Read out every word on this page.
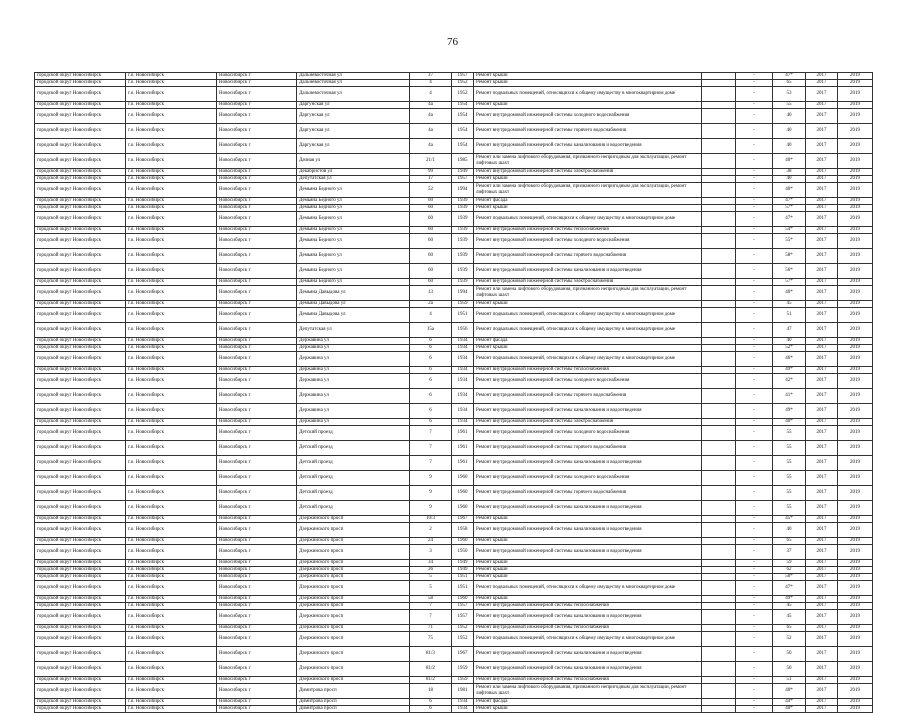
76
городской округ Новосибирск	г.о. Новосибирск	Новосибирск г	Дальневосточная ул	37	1957	Ремонт крыши		-	47*	2017	2019
городской округ Новосибирск	г.о. Новосибирск	Новосибирск г	Дальневосточная ул	4	1952	Ремонт крыши		-	65	2017	2019
городской округ Новосибирск	г.о. Новосибирск	Новосибирск г	Дальневосточная ул	4	1952	Ремонт подвальных помещений, относящихся к общему имуществу в многоквартирном доме		-	53	2017	2019
городской округ Новосибирск	г.о. Новосибирск	Новосибирск г	Даргунская ул	4а	1954	Ремонт крыши		-	55	2017	2019
городской округ Новосибирск	г.о. Новосибирск	Новосибирск г	Даргунская ул	4а	1954	Ремонт внутридомовой инженерной системы холодного водоснабжения		-	40	2017	2019
городской округ Новосибирск	г.о. Новосибирск	Новосибирск г	Даргунская ул	4а	1954	Ремонт внутридомовой инженерной системы горячего водоснабжения		-	40	2017	2019
городской округ Новосибирск	г.о. Новосибирск	Новосибирск г	Даргунская ул	4а	1954	Ремонт внутридомовой инженерной системы канализования и водоотведения		-	40	2017	2019
городской округ Новосибирск	г.о. Новосибирск	Новосибирск г	Дачная ул	21/1	1985	Ремонт или замена лифтового оборудования, признанного непригодным для эксплуатации, ремонт лифтовых шахт		-	40*	2017	2019
городской округ Новосибирск	г.о. Новосибирск	Новосибирск г	Декабристов ул	99	1949	Ремонт внутридомовой инженерной системы электроснабжения		-	38	2017	2019
городской округ Новосибирск	г.о. Новосибирск	Новосибирск г	Депутатская ул	17	1957	Ремонт крыши		-	40	2017	2019
городской округ Новосибирск	г.о. Новосибирск	Новосибирск г	Демьяна Бедного ул	52	1994	Ремонт или замена лифтового оборудования, признанного непригодным для эксплуатации, ремонт лифтовых шахт		-	40*	2017	2019
городской округ Новосибирск	г.о. Новосибирск	Новосибирск г	Демьяна Бедного ул	60	1939	Ремонт фасада		-	47*	2017	2019
городской округ Новосибирск	г.о. Новосибирск	Новосибирск г	Демьяна Бедного ул	60	1939	Ремонт крыши		-	57*	2017	2019
городской округ Новосибирск	г.о. Новосибирск	Новосибирск г	Демьяна Бедного ул	60	1939	Ремонт подвальных помещений, относящихся к общему имуществу в многоквартирном доме		-	47*	2017	2019
городской округ Новосибирск	г.о. Новосибирск	Новосибирск г	Демьяна Бедного ул	60	1939	Ремонт внутридомовой инженерной системы теплоснабжения		-	54*	2017	2019
городской округ Новосибирск	г.о. Новосибирск	Новосибирск г	Демьяна Бедного ул	60	1939	Ремонт внутридомовой инженерной системы холодного водоснабжения		-	55*	2017	2019
городской округ Новосибирск	г.о. Новосибирск	Новосибирск г	Демьяна Бедного ул	60	1939	Ремонт внутридомовой инженерной системы горячего водоснабжения		-	58*	2017	2019
городской округ Новосибирск	г.о. Новосибирск	Новосибирск г	Демьяна Бедного ул	60	1939	Ремонт внутридомовой инженерной системы канализования и водоотведения		-	56*	2017	2019
городской округ Новосибирск	г.о. Новосибирск	Новосибирск г	Демьяна Бедного ул	60	1939	Ремонт внутридомовой инженерной системы электроснабжения		-	57*	2017	2019
городской округ Новосибирск	г.о. Новосибирск	Новосибирск г	Демьяна Давыдова ул	13	1994	Ремонт или замена лифтового оборудования, признанного непригодным для эксплуатации, ремонт лифтовых шахт		-	40*	2017	2019
городской округ Новосибирск	г.о. Новосибирск	Новосибирск г	Демьяна Давыдова ул	2а	1959	Ремонт крыши		-	45	2017	2019
городской округ Новосибирск	г.о. Новосибирск	Новосибирск г	Демьяна Давыдова ул	4	1951	Ремонт подвальных помещений, относящихся к общему имуществу в многоквартирном доме		-	51	2017	2019
городской округ Новосибирск	г.о. Новосибирск	Новосибирск г	Депутатская ул	15а	1956	Ремонт подвальных помещений, относящихся к общему имуществу в многоквартирном доме		-	47	2017	2019
городской округ Новосибирск	г.о. Новосибирск	Новосибирск г	Державина ул	6	1934	Ремонт фасада		-	40	2017	2019
городской округ Новосибирск	г.о. Новосибирск	Новосибирск г	Державина ул	6	1934	Ремонт крыши		-	52*	2017	2019
городской округ Новосибирск	г.о. Новосибирск	Новосибирск г	Державина ул	6	1934	Ремонт подвальных помещений, относящихся к общему имуществу в многоквартирном доме		-	46*	2017	2019
городской округ Новосибирск	г.о. Новосибирск	Новосибирск г	Державина ул	6	1934	Ремонт внутридомовой инженерной системы теплоснабжения		-	49*	2017	2019
городской округ Новосибирск	г.о. Новосибирск	Новосибирск г	Державина ул	6	1934	Ремонт внутридомовой инженерной системы холодного водоснабжения		-	42*	2017	2019
городской округ Новосибирск	г.о. Новосибирск	Новосибирск г	Державина ул	6	1934	Ремонт внутридомовой инженерной системы горячего водоснабжения		-	41*	2017	2019
городской округ Новосибирск	г.о. Новосибирск	Новосибирск г	Державина ул	6	1934	Ремонт внутридомовой инженерной системы канализования и водоотведения		-	49*	2017	2019
городской округ Новосибирск	г.о. Новосибирск	Новосибирск г	Державина ул	6	1934	Ремонт внутридомовой инженерной системы электроснабжения		-	40*	2017	2019
городской округ Новосибирск	г.о. Новосибирск	Новосибирск г	Детский проезд	7	1961	Ремонт внутридомовой инженерной системы холодного водоснабжения		-	55	2017	2019
городской округ Новосибирск	г.о. Новосибирск	Новосибирск г	Детский проезд	7	1961	Ремонт внутридомовой инженерной системы горячего водоснабжения		-	55	2017	2019
городской округ Новосибирск	г.о. Новосибирск	Новосибирск г	Детский проезд	7	1961	Ремонт внутридомовой инженерной системы канализования и водоотведения		-	55	2017	2019
городской округ Новосибирск	г.о. Новосибирск	Новосибирск г	Детский проезд	9	1960	Ремонт внутридомовой инженерной системы холодного водоснабжения		-	55	2017	2019
городской округ Новосибирск	г.о. Новосибирск	Новосибирск г	Детский проезд	9	1960	Ремонт внутридомовой инженерной системы горячего водоснабжения		-	55	2017	2019
городской округ Новосибирск	г.о. Новосибирск	Новосибирск г	Детский проезд	9	1960	Ремонт внутридомовой инженерной системы канализования и водоотведения		-	55	2017	2019
городской округ Новосибирск	г.о. Новосибирск	Новосибирск г	Дзержинского просп	10/3	1967	Ремонт крыши		-	45*	2017	2019
городской округ Новосибирск	г.о. Новосибирск	Новосибирск г	Дзержинского просп	2	1958	Ремонт внутридомовой инженерной системы канализования и водоотведения		-	40	2017	2019
городской округ Новосибирск	г.о. Новосибирск	Новосибирск г	Дзержинского просп	24	1960	Ремонт крыши		-	65	2017	2019
городской округ Новосибирск	г.о. Новосибирск	Новосибирск г	Дзержинского просп	3	1950	Ремонт внутридомовой инженерной системы канализования и водоотведения		-	37	2017	2019
городской округ Новосибирск	г.о. Новосибирск	Новосибирск г	Дзержинского просп	34	1949	Ремонт крыши		-	59	2017	2019
городской округ Новосибирск	г.о. Новосибирск	Новосибирск г	Дзержинского просп	36	1949	Ремонт крыши		-	62	2017	2019
городской округ Новосибирск	г.о. Новосибирск	Новосибирск г	Дзержинского просп	5	1951	Ремонт крыши		-	50*	2017	2019
городской округ Новосибирск	г.о. Новосибирск	Новосибирск г	Дзержинского просп	5	1951	Ремонт подвальных помещений, относящихся к общему имуществу в многоквартирном доме		-	47*	2017	2019
городской округ Новосибирск	г.о. Новосибирск	Новосибирск г	Дзержинского просп	58	1960	Ремонт крыши		-	49*	2017	2019
городской округ Новосибирск	г.о. Новосибирск	Новосибирск г	Дзержинского просп	7	1957	Ремонт внутридомовой инженерной системы теплоснабжения		-	45	2017	2019
городской округ Новосибирск	г.о. Новосибирск	Новосибирск г	Дзержинского просп	7	1957	Ремонт внутридомовой инженерной системы канализования и водоотведения		-	45	2017	2019
городской округ Новосибирск	г.о. Новосибирск	Новосибирск г	Дзержинского просп	71	1952	Ремонт внутридомовой инженерной системы теплоснабжения		-	65	2017	2019
городской округ Новосибирск	г.о. Новосибирск	Новосибирск г	Дзержинского просп	75	1952	Ремонт подвальных помещений, относящихся к общему имуществу в многоквартирном доме		-	52	2017	2019
городской округ Новосибирск	г.о. Новосибирск	Новосибирск г	Дзержинского просп	81/3	1967	Ремонт внутридомовой инженерной системы канализования и водоотведения		-	50	2017	2019
городской округ Новосибирск	г.о. Новосибирск	Новосибирск г	Дзержинского просп	81/2	1959	Ремонт внутридомовой инженерной системы канализования и водоотведения		-	50	2017	2019
городской округ Новосибирск	г.о. Новосибирск	Новосибирск г	Дзержинского просп	81/2	1959	Ремонт внутридомовой инженерной системы теплоснабжения		-	51	2017	2019
городской округ Новосибирск	г.о. Новосибирск	Новосибирск г	Димитрова просп	18	1981	Ремонт или замена лифтового оборудования, признанного непригодным для эксплуатации, ремонт лифтовых шахт		-	40*	2017	2019
городской округ Новосибирск	г.о. Новосибирск	Новосибирск г	Димитрова просп	6	1934	Ремонт фасада		-	44*	2017	2019
городской округ Новосибирск	г.о. Новосибирск	Новосибирск г	Димитрова просп	6	1934	Ремонт крыши		-	40*	2017	2019
